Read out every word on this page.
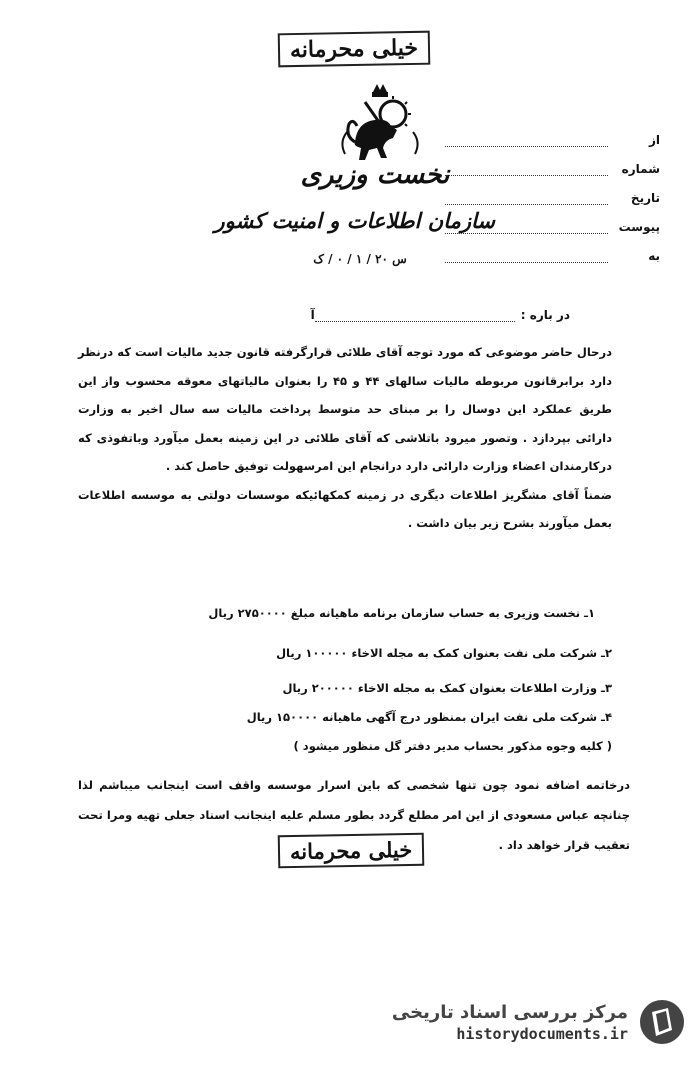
خیلی محرمانه
نخست وزیری
سازمان اطلاعات و امنیت کشور
س ۲۰ / ۱ / ۰ / ک
از
شماره
تاریخ
پیوست
به
در باره :
آ

درحال حاضر موضوعی که مورد توجه آقای طلائی قرارگرفته قانون جدید مالیات است که درنظر دارد برابرقانون مربوطه مالیات سالهای ۴۴ و ۴۵ را بعنوان مالیاتهای معوقه محسوب واز این طریق عملکرد این دوسال را بر مبنای حد متوسط پرداخت مالیات سه سال اخیر به وزارت دارائی بپردازد . وتصور میرود باتلاشی که آقای طلائی در این زمینه بعمل میآورد وباتفوذی که درکارمندان اعضاء وزارت دارائی دارد درانجام این امرسهولت توفیق حاصل کند .

ضمناً آقای مشگریز اطلاعات دیگری در زمینه کمکهائیکه موسسات دولتی به موسسه اطلاعات بعمل میآورند بشرح زیر بیان داشت .

۱ـ نخست وزیری به حساب سازمان برنامه ماهیانه مبلغ ۲۷۵۰۰۰۰ ریال
۲ـ شرکت ملی نفت بعنوان کمک به مجله الاخاء ۱۰۰۰۰۰ ریال
۳ـ وزارت اطلاعات بعنوان کمک به مجله الاخاء ۲۰۰۰۰۰ ریال
۴ـ شرکت ملی نفت ایران بمنظور درج آگهی ماهیانه ۱۵۰۰۰۰ ریال
( کلیه وجوه مذکور بحساب مدیر دفتر گل منظور میشود )

درخاتمه اضافه نمود چون تنها شخصی که باین اسرار موسسه واقف است اینجانب میباشم لذا چنانچه عباس مسعودی از این امر مطلع گردد بطور مسلم علیه اینجانب اسناد جعلی تهیه ومرا تحت تعقیب قرار خواهد داد .

خیلی محرمانه
مرکز بررسی اسناد تاریخی
historydocuments.ir
